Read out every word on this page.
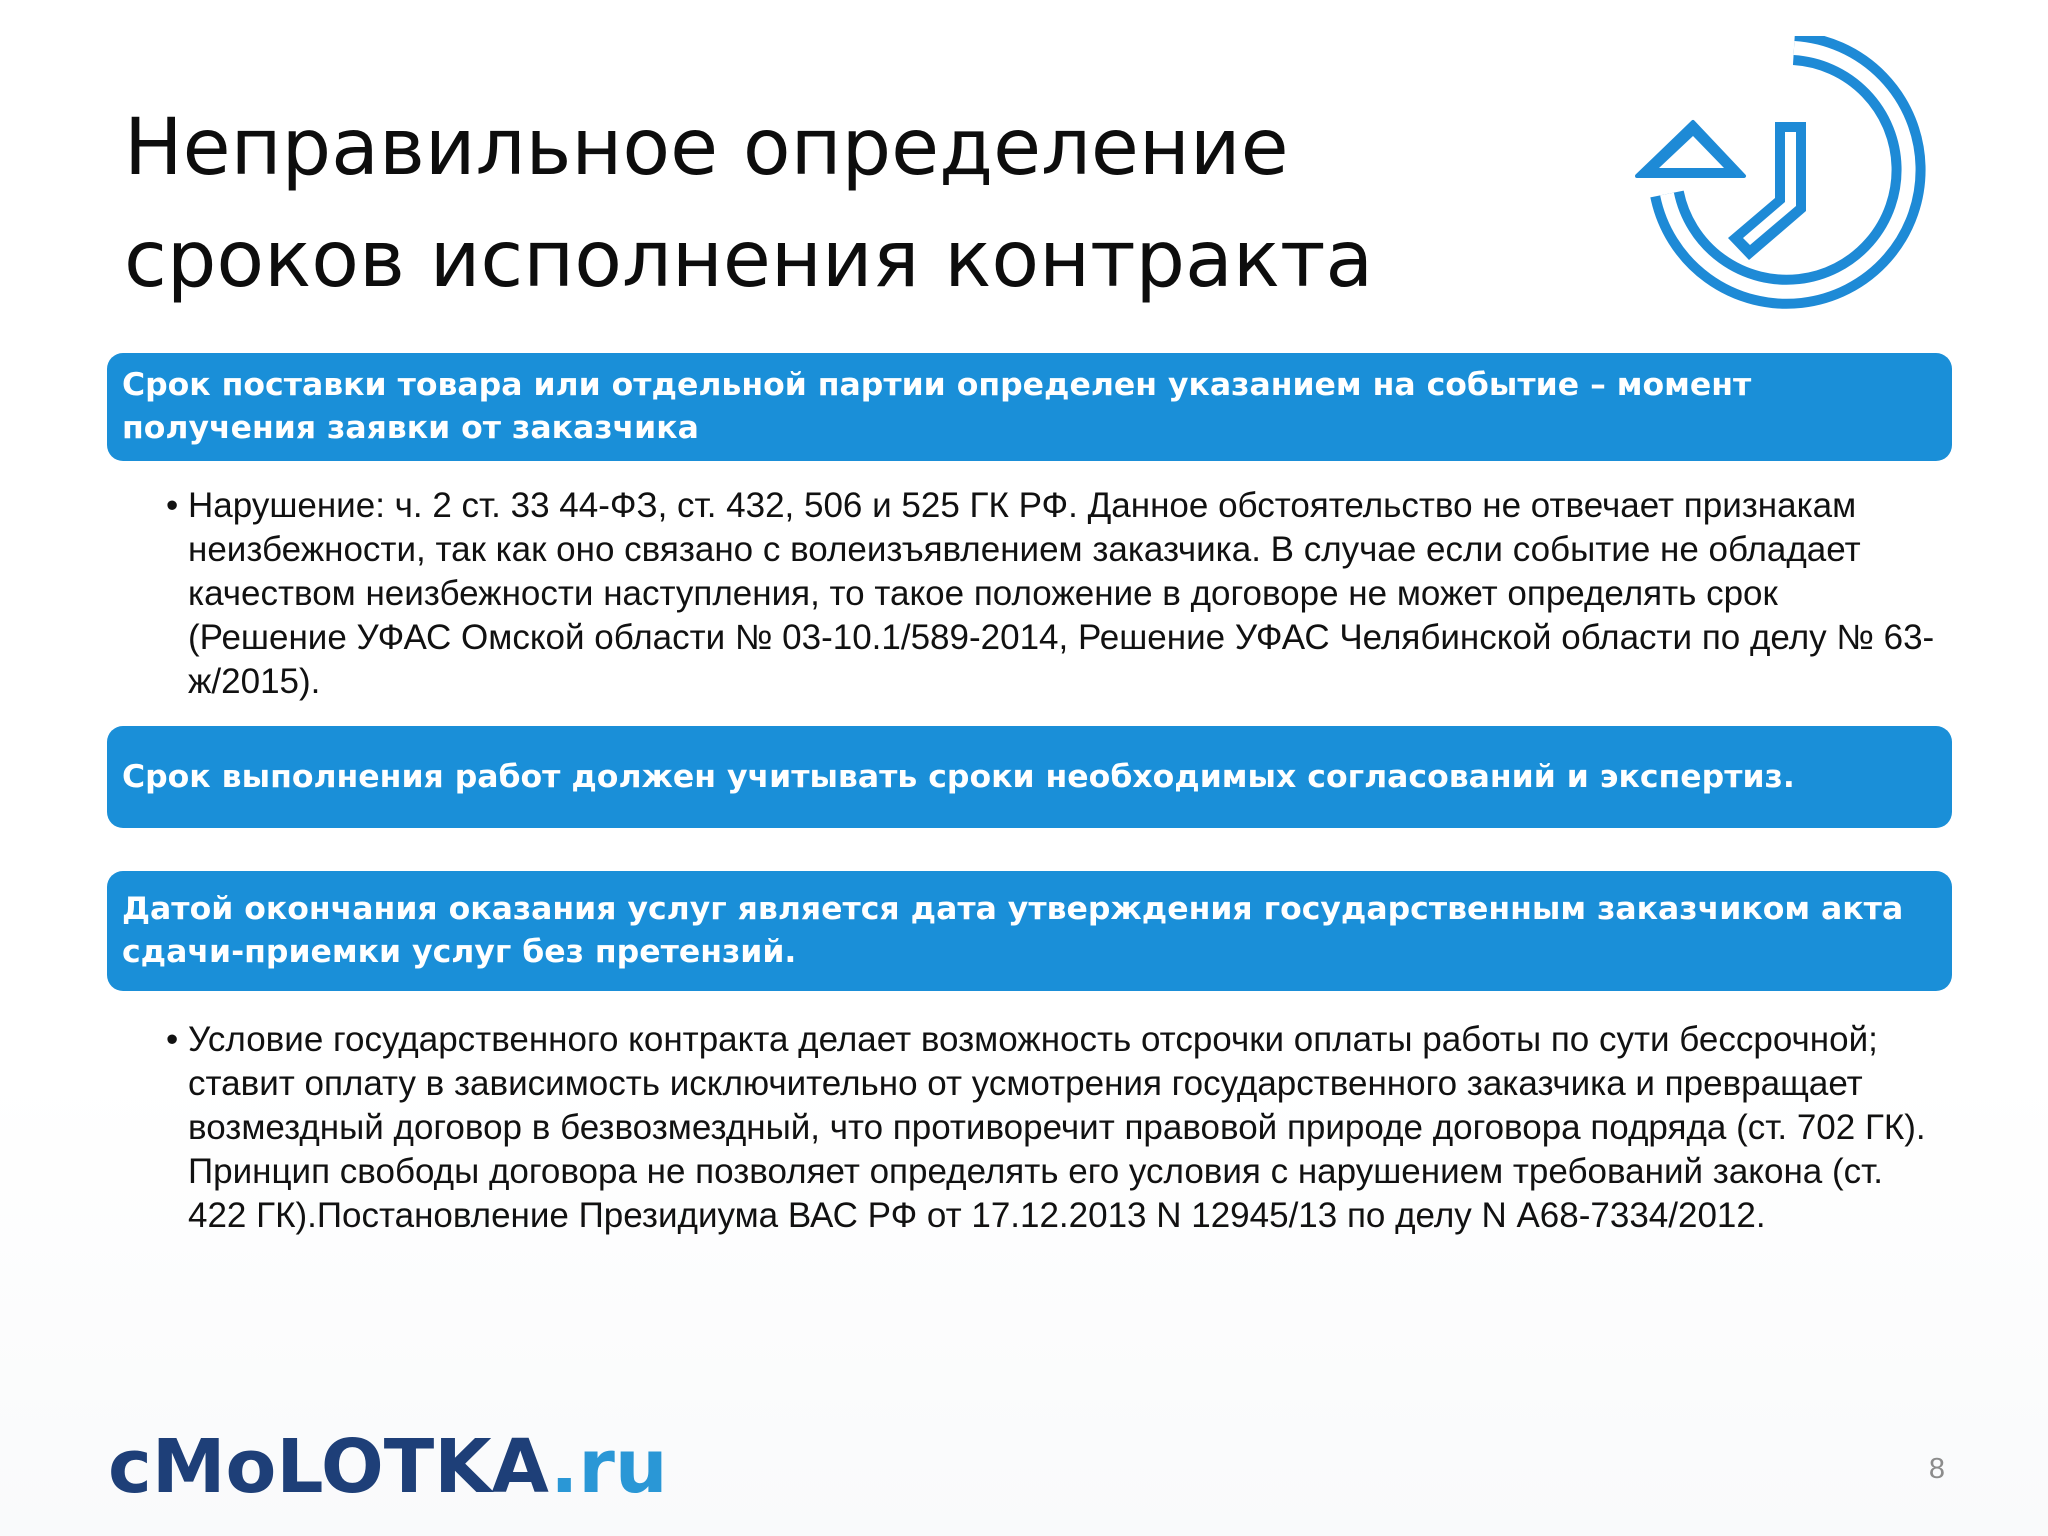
Неправильное определение сроков исполнения контракта
Срок поставки товара или отдельной партии определен указанием на событие – момент получения заявки от заказчика
• Нарушение: ч. 2 ст. 33 44-ФЗ, ст. 432, 506 и 525 ГК РФ. Данное обстоятельство не отвечает признакам неизбежности, так как оно связано с волеизъявлением заказчика. В случае если событие не обладает качеством неизбежности наступления, то такое положение в договоре не может определять срок (Решение УФАС Омской области № 03-10.1/589-2014, Решение УФАС Челябинской области по делу № 63-ж/2015).
Срок выполнения работ должен учитывать сроки необходимых согласований и экспертиз.
Датой окончания оказания услуг является дата утверждения государственным заказчиком акта сдачи-приемки услуг без претензий.
• Условие государственного контракта делает возможность отсрочки оплаты работы по сути бессрочной; ставит оплату в зависимость исключительно от усмотрения государственного заказчика и превращает возмездный договор в безвозмездный, что противоречит правовой природе договора подряда (ст. 702 ГК). Принцип свободы договора не позволяет определять его условия с нарушением требований закона (ст. 422 ГК).Постановление Президиума ВАС РФ от 17.12.2013 N 12945/13 по делу N А68-7334/2012.
cMoLOTKA.ru	8
